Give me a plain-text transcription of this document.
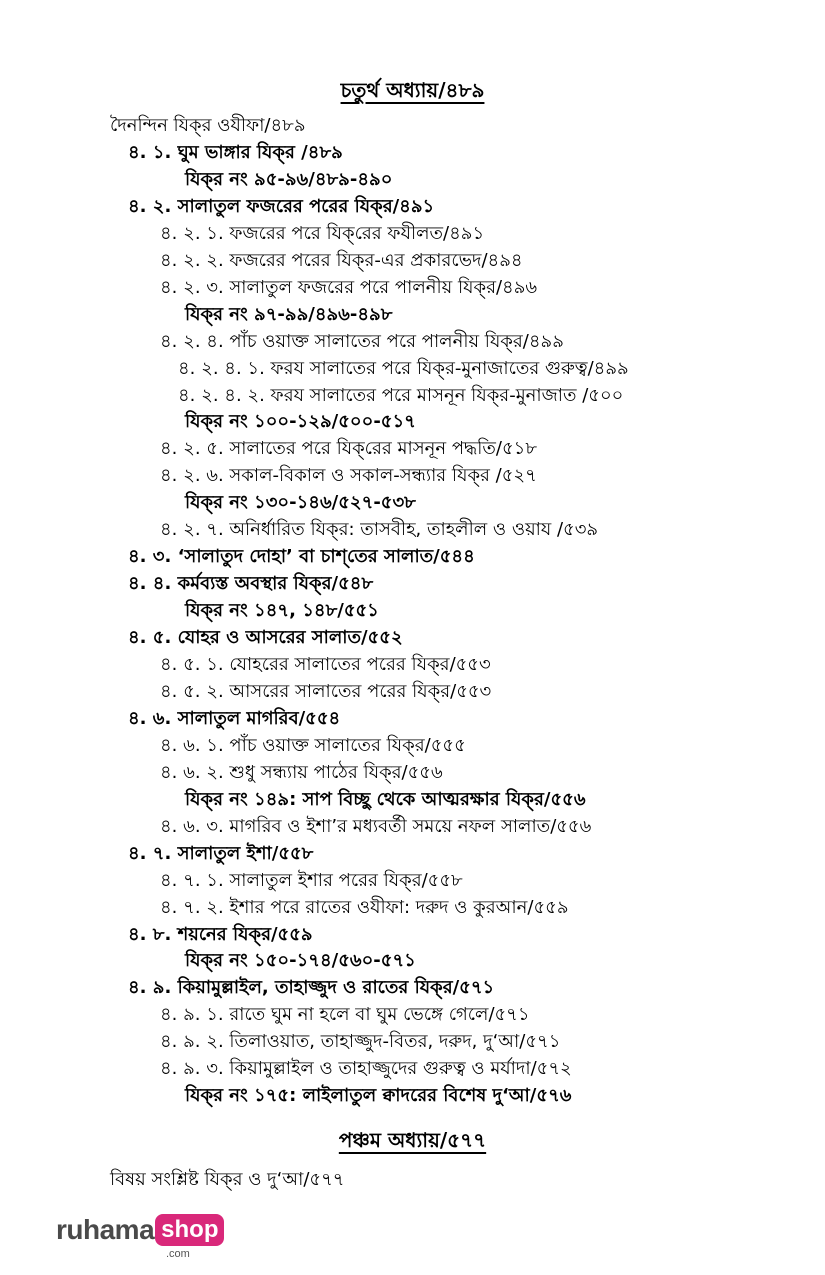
চতুর্থ অধ্যায়/৪৮৯
দৈনন্দিন যিক্‌র ওযীফা/৪৮৯
৪. ১. ঘুম ভাঙ্গার যিক্‌র /৪৮৯
যিক্‌র নং ৯৫-৯৬/৪৮৯-৪৯০
৪. ২. সালাতুল ফজরের পরের যিক্‌র/৪৯১
৪. ২. ১. ফজরের পরে যিক্‌রের ফযীলত/৪৯১
৪. ২. ২. ফজরের পরের যিক্‌র-এর প্রকারভেদ/৪৯৪
৪. ২. ৩. সালাতুল ফজরের পরে পালনীয় যিক্‌র/৪৯৬
যিক্‌র নং ৯৭-৯৯/৪৯৬-৪৯৮
৪. ২. ৪. পাঁচ ওয়াক্ত সালাতের পরে পালনীয় যিক্‌র/৪৯৯
৪. ২. ৪. ১. ফরয সালাতের পরে যিক্‌র-মুনাজাতের গুরুত্ব/৪৯৯
৪. ২. ৪. ২. ফরয সালাতের পরে মাসনূন যিক্‌র-মুনাজাত /৫০০
যিক্‌র নং ১০০-১২৯/৫০০-৫১৭
৪. ২. ৫. সালাতের পরে যিক্‌রের মাসনূন পদ্ধতি/৫১৮
৪. ২. ৬. সকাল-বিকাল ও সকাল-সন্ধ্যার যিক্‌র /৫২৭
যিক্‌র নং ১৩০-১৪৬/৫২৭-৫৩৮
৪. ২. ৭. অনির্ধারিত যিক্‌র: তাসবীহ, তাহলীল ও ওয়ায /৫৩৯
৪. ৩. ‘সালাতুদ দোহা’ বা চাশ্‌তের সালাত/৫৪৪
৪. ৪. কর্মব্যস্ত অবস্থার যিক্‌র/৫৪৮
যিক্‌র নং ১৪৭, ১৪৮/৫৫১
৪. ৫. যোহর ও আসরের সালাত/৫৫২
৪. ৫. ১. যোহরের সালাতের পরের যিক্‌র/৫৫৩
৪. ৫. ২. আসরের সালাতের পরের যিক্‌র/৫৫৩
৪. ৬. সালাতুল মাগরিব/৫৫৪
৪. ৬. ১. পাঁচ ওয়াক্ত সালাতের যিক্‌র/৫৫৫
৪. ৬. ২. শুধু সন্ধ্যায় পাঠের যিক্‌র/৫৫৬
যিক্‌র নং ১৪৯: সাপ বিচ্ছু থেকে আত্মরক্ষার যিক্‌র/৫৫৬
৪. ৬. ৩. মাগরিব ও ইশা’র মধ্যবর্তী সময়ে নফল সালাত/৫৫৬
৪. ৭. সালাতুল ইশা/৫৫৮
৪. ৭. ১. সালাতুল ইশার পরের যিক্‌র/৫৫৮
৪. ৭. ২. ইশার পরে রাতের ওযীফা: দরুদ ও কুরআন/৫৫৯
৪. ৮. শয়নের যিক্‌র/৫৫৯
যিক্‌র নং ১৫০-১৭৪/৫৬০-৫৭১
৪. ৯. কিয়ামুল্লাইল, তাহাজ্জুদ ও রাতের যিক্‌র/৫৭১
৪. ৯. ১. রাতে ঘুম না হলে বা ঘুম ভেঙ্গে গেলে/৫৭১
৪. ৯. ২. তিলাওয়াত, তাহাজ্জুদ-বিতর, দরুদ, দু‘আ/৫৭১
৪. ৯. ৩. কিয়ামুল্লাইল ও তাহাজ্জুদের গুরুত্ব ও মর্যাদা/৫৭২
যিক্‌র নং ১৭৫: লাইলাতুল ক্বাদরের বিশেষ দু‘আ/৫৭৬
পঞ্চম অধ্যায়/৫৭৭
বিষয় সংশ্লিষ্ট যিক্‌র ও দু‘আ/৫৭৭
ruhama shop
.com
